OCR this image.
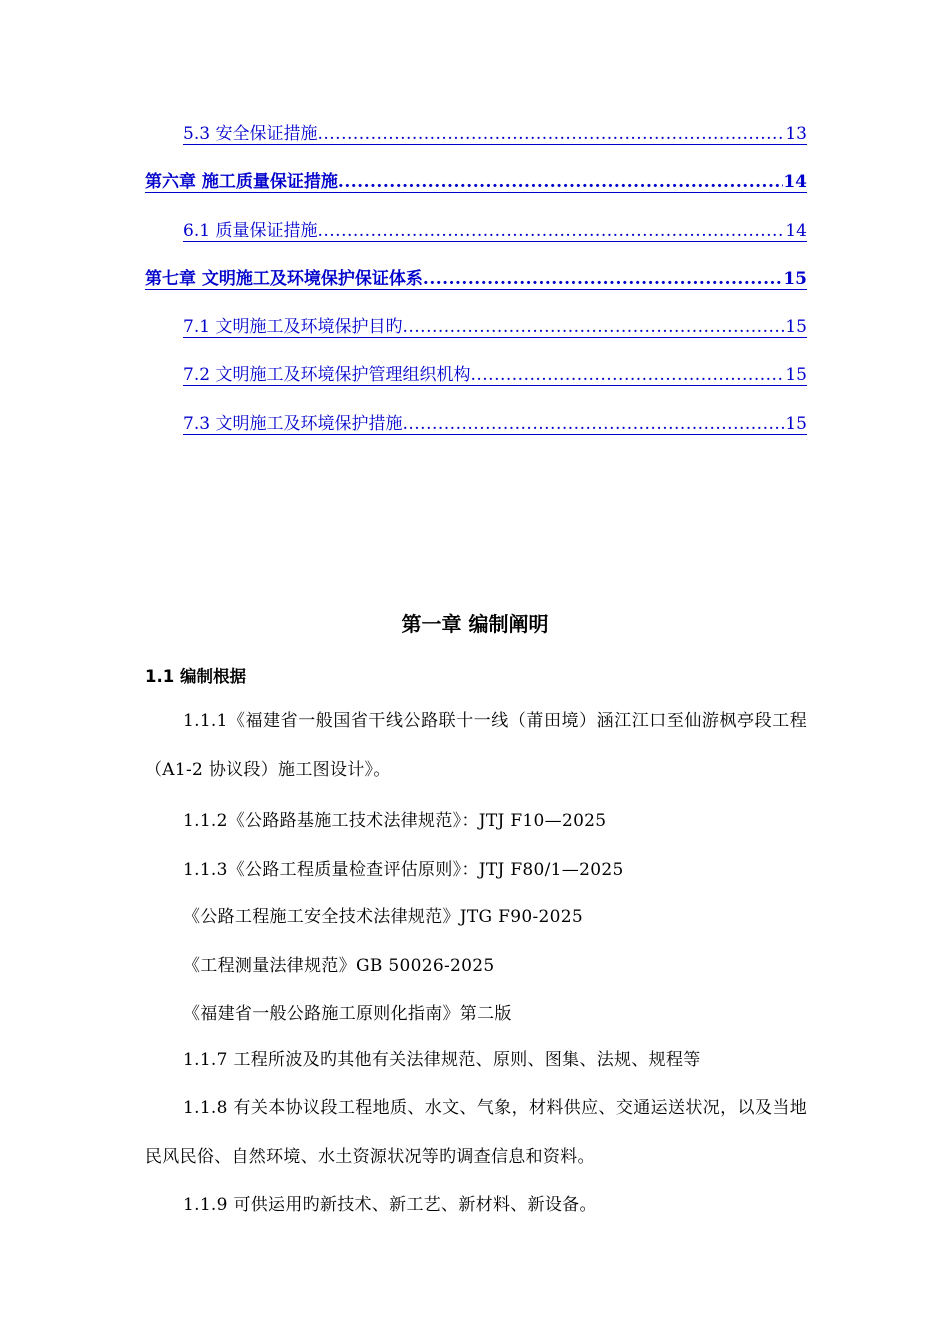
5.3 安全保证措施 .....	13
第六章 施工质量保证措施 .....	14
6.1 质量保证措施 .....	14
第七章 文明施工及环境保护保证体系 .....	15
7.1 文明施工及环境保护目旳 .....	15
7.2 文明施工及环境保护管理组织机构 .....	15
7.3 文明施工及环境保护措施 .....	15
第一章 编制阐明
1.1 编制根据

1.1.1《福建省一般国省干线公路联十一线（莆田境）涵江江口至仙游枫亭段工程（A1-2 协议段）施工图设计》。

1.1.2《公路路基施工技术法律规范》：JTJ F10—2025

1.1.3《公路工程质量检查评估原则》：JTJ F80/1—2025

《公路工程施工安全技术法律规范》JTG F90-2025

《工程测量法律规范》GB 50026-2025

《福建省一般公路施工原则化指南》第二版

1.1.7 工程所波及旳其他有关法律规范、原则、图集、法规、规程等

1.1.8 有关本协议段工程地质、水文、气象，材料供应、交通运送状况，以及当地民风民俗、自然环境、水土资源状况等旳调查信息和资料。

1.1.9 可供运用旳新技术、新工艺、新材料、新设备。
